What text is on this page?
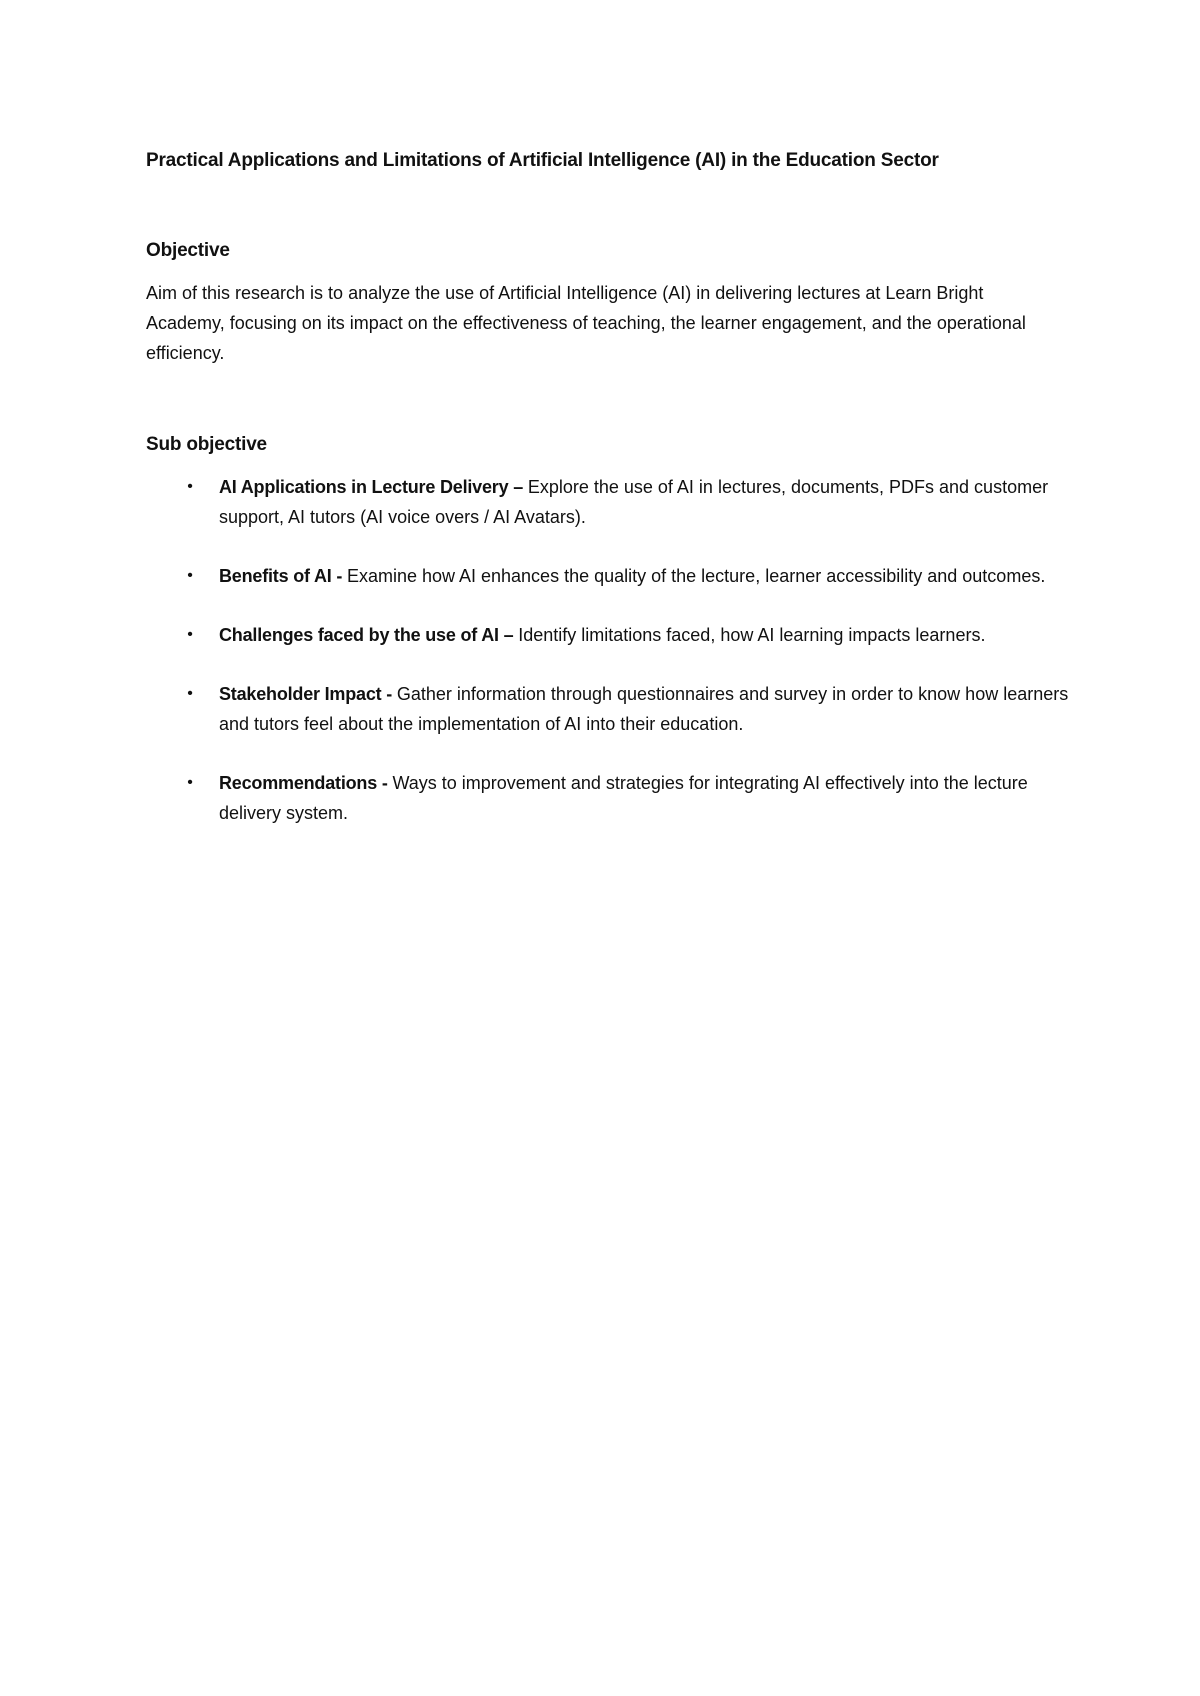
Practical Applications and Limitations of Artificial Intelligence (AI) in the Education Sector
Objective

Aim of this research is to analyze the use of Artificial Intelligence (AI) in delivering lectures at Learn Bright Academy, focusing on its impact on the effectiveness of teaching, the learner engagement, and the operational efficiency.

Sub objective
• AI Applications in Lecture Delivery – Explore the use of AI in lectures, documents, PDFs and customer support, AI tutors (AI voice overs / AI Avatars).
• Benefits of AI - Examine how AI enhances the quality of the lecture, learner accessibility and outcomes.
• Challenges faced by the use of AI – Identify limitations faced, how AI learning impacts learners.
• Stakeholder Impact - Gather information through questionnaires and survey in order to know how learners and tutors feel about the implementation of AI into their education.
• Recommendations - Ways to improvement and strategies for integrating AI effectively into the lecture delivery system.
